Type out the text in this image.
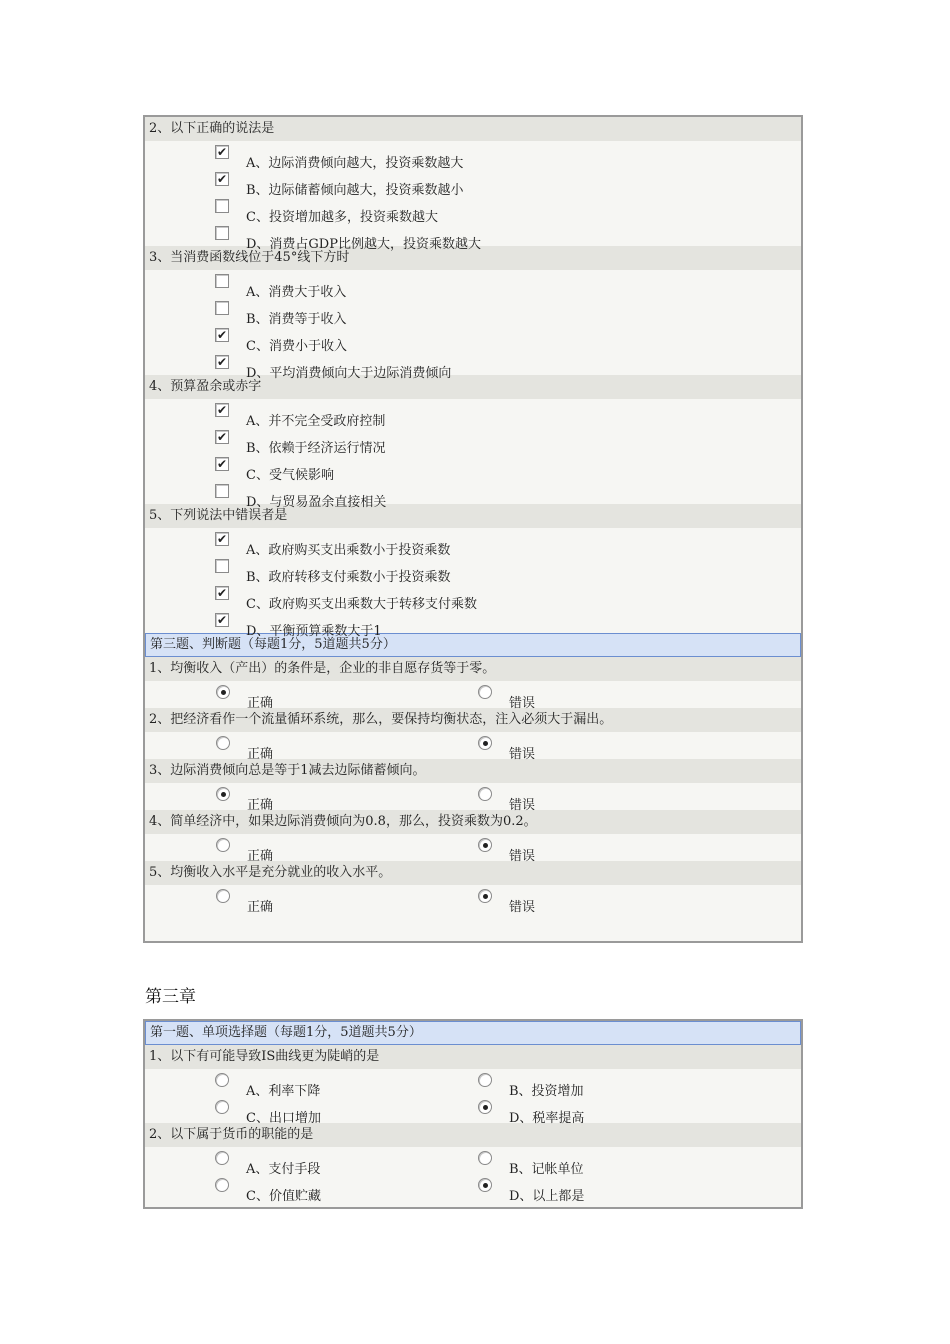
2、以下正确的说法是
✔
A、边际消费倾向越大，投资乘数越大
✔
B、边际储蓄倾向越大，投资乘数越小
C、投资增加越多，投资乘数越大
D、消费占GDP比例越大，投资乘数越大
3、当消费函数线位于45°线下方时
A、消费大于收入
B、消费等于收入
✔
C、消费小于收入
✔
D、平均消费倾向大于边际消费倾向
4、预算盈余或赤字
✔
A、并不完全受政府控制
✔
B、依赖于经济运行情况
✔
C、受气候影响
D、与贸易盈余直接相关
5、下列说法中错误者是
✔
A、政府购买支出乘数小于投资乘数
B、政府转移支付乘数小于投资乘数
✔
C、政府购买支出乘数大于转移支付乘数
✔
D、平衡预算乘数大于1
第三题、判断题（每题1分，5道题共5分）
1、均衡收入（产出）的条件是，企业的非自愿存货等于零。
正确	错误
2、把经济看作一个流量循环系统，那么，要保持均衡状态，注入必须大于漏出。
正确	错误
3、边际消费倾向总是等于1减去边际储蓄倾向。
正确	错误
4、简单经济中，如果边际消费倾向为0.8，那么，投资乘数为0.2。
正确	错误
5、均衡收入水平是充分就业的收入水平。
正确	错误
第三章
第一题、单项选择题（每题1分，5道题共5分）
1、以下有可能导致IS曲线更为陡峭的是
A、利率下降	B、投资增加
C、出口增加	D、税率提高
2、以下属于货币的职能的是
A、支付手段	B、记帐单位
C、价值贮藏	D、以上都是
